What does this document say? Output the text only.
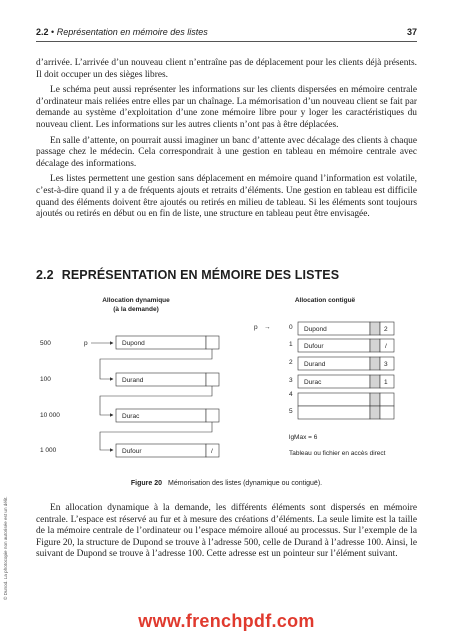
2.2 • Représentation en mémoire des listes	37

d’arrivée. L’arrivée d’un nouveau client n’entraîne pas de déplacement pour les clients déjà présents. Il doit occuper un des sièges libres.

Le schéma peut aussi représenter les informations sur les clients dispersées en mémoire centrale d’ordinateur mais reliées entre elles par un chaînage. La mémorisation d’un nouveau client se fait par demande au système d’exploitation d’une zone mémoire libre pour y loger les caractéristiques du nouveau client. Les informations sur les autres clients n’ont pas à être déplacées.

En salle d’attente, on pourrait aussi imaginer un banc d’attente avec décalage des clients à chaque passage chez le médecin. Cela correspondrait à une gestion en tableau en mémoire centrale avec décalage des informations.

Les listes permettent une gestion sans déplacement en mémoire quand l’information est volatile, c’est-à-dire quand il y a de fréquents ajouts et retraits d’éléments. Une gestion en tableau est difficile quand des éléments doivent être ajoutés ou retirés en milieu de tableau. Si les éléments sont toujours ajoutés ou retirés en début ou en fin de liste, une structure en tableau peut être envisagée.

2.2 REPRÉSENTATION EN MÉMOIRE DES LISTES
Allocation dynamique
(à la demande)
Allocation contiguë
500	p	Dupond
100	Durand
10 000	Durac
1 000	Dufour	/
p →	0 Dupond	2
1 Dufour	/
2 Durand	3
3 Durac	1
4
5
lgMax = 6
Tableau ou fichier en accès direct
Figure 20 Mémorisation des listes (dynamique ou contiguë).

En allocation dynamique à la demande, les différents éléments sont dispersés en mémoire centrale. L’espace est réservé au fur et à mesure des créations d’éléments. La seule limite est la taille de la mémoire centrale de l’ordinateur ou l’espace mémoire alloué au processus. Sur l’exemple de la Figure 20, la structure de Dupond se trouve à l’adresse 500, celle de Durand à l’adresse 100. Ainsi, le suivant de Dupond se trouve à l’adresse 100. Cette adresse est un pointeur sur l’élément suivant.

© Dunod. La photocopie non autorisée est un délit.
www.frenchpdf.com
